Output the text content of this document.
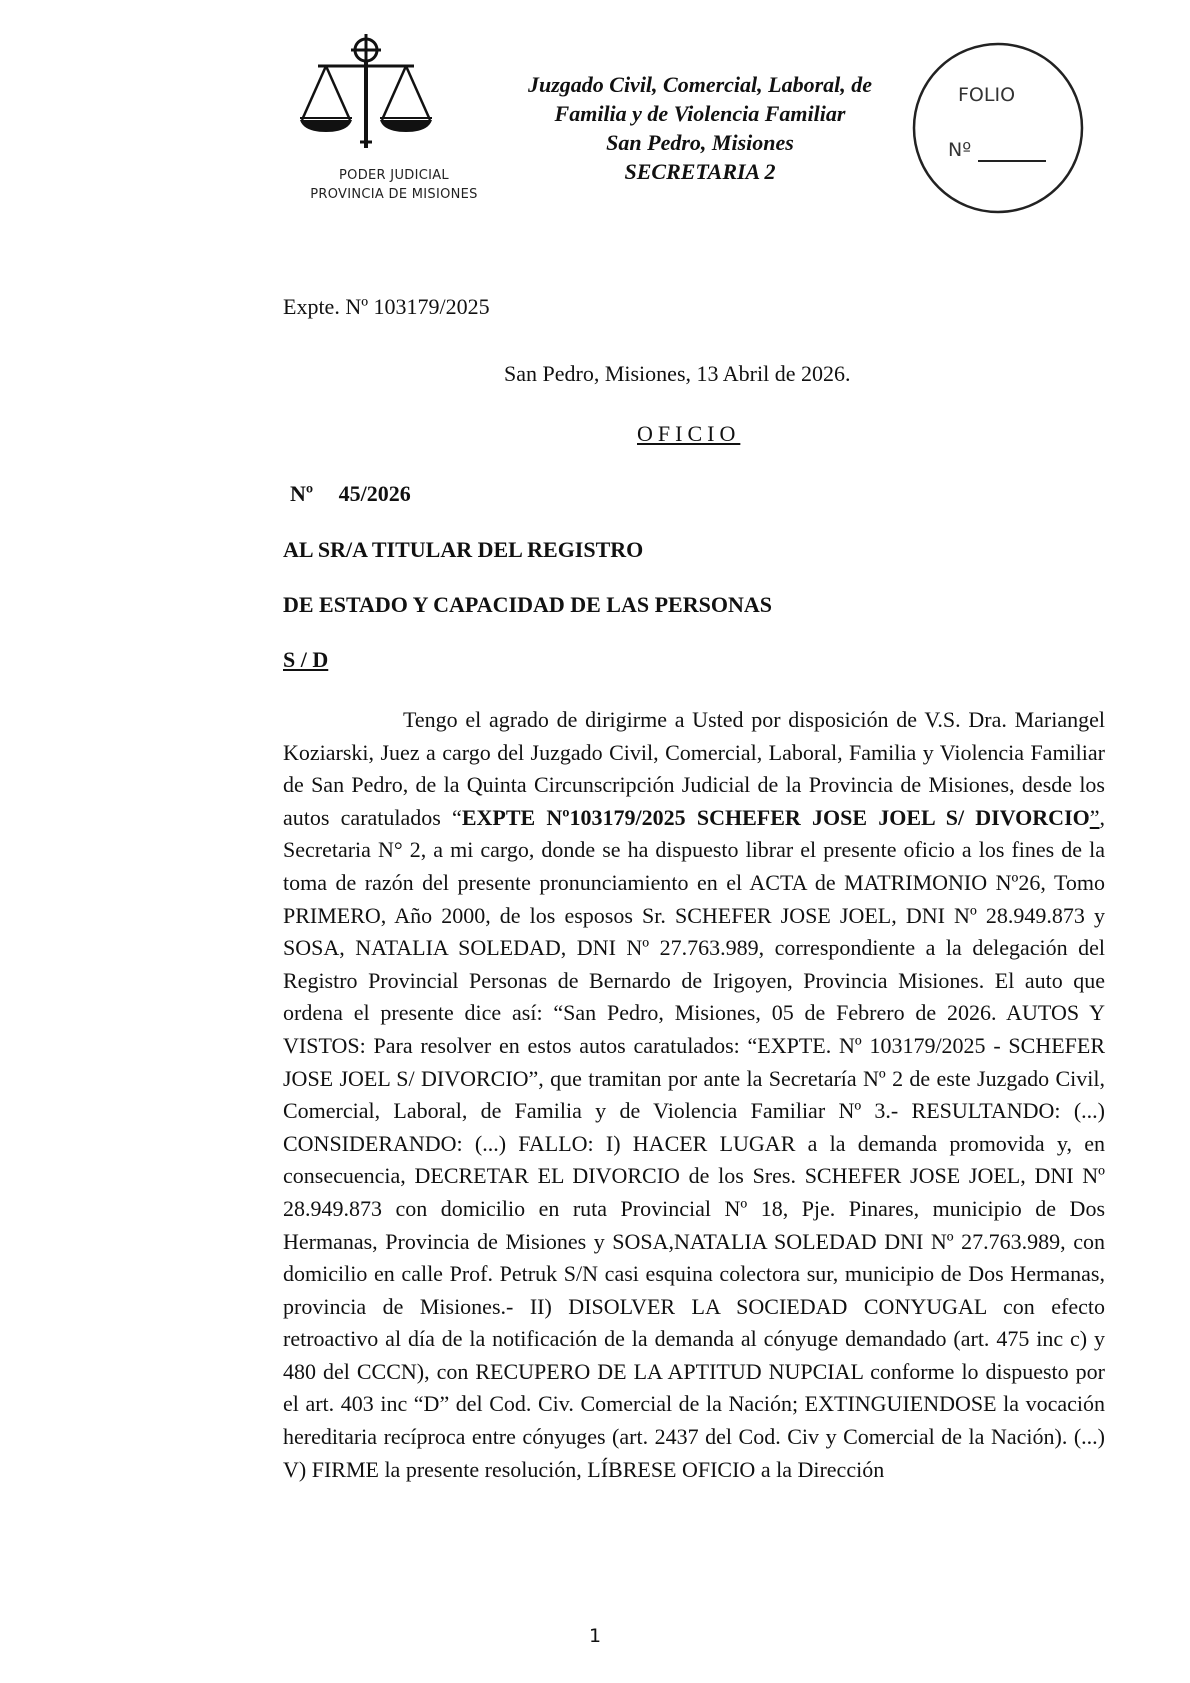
PODER JUDICIAL
PROVINCIA DE MISIONES
Juzgado Civil, Comercial, Laboral, de
Familia y de Violencia Familiar
San Pedro, Misiones
SECRETARIA 2
FOLIO
Nº
Expte. Nº 103179/2025
San Pedro, Misiones, 13 Abril de 2026.
OFICIO
Nº 45/2026
AL SR/A TITULAR DEL REGISTRO
DE ESTADO Y CAPACIDAD DE LAS PERSONAS
S / D

Tengo el agrado de dirigirme a Usted por disposición de V.S. Dra. Mariangel Koziarski, Juez a cargo del Juzgado Civil, Comercial, Laboral, Familia y Violencia Familiar de San Pedro, de la Quinta Circunscripción Judicial de la Provincia de Misiones, desde los autos caratulados “EXPTE Nº103179/2025 SCHEFER JOSE JOEL S/ DIVORCIO”, Secretaria N° 2, a mi cargo, donde se ha dispuesto librar el presente oficio a los fines de la toma de razón del presente pronunciamiento en el ACTA de MATRIMONIO Nº26, Tomo PRIMERO, Año 2000, de los esposos Sr. SCHEFER JOSE JOEL, DNI Nº 28.949.873 y SOSA, NATALIA SOLEDAD, DNI Nº 27.763.989, correspondiente a la delegación del Registro Provincial Personas de Bernardo de Irigoyen, Provincia Misiones. El auto que ordena el presente dice así: “San Pedro, Misiones, 05 de Febrero de 2026. AUTOS Y VISTOS: Para resolver en estos autos caratulados: “EXPTE. Nº 103179/2025 - SCHEFER JOSE JOEL S/ DIVORCIO”, que tramitan por ante la Secretaría Nº 2 de este Juzgado Civil, Comercial, Laboral, de Familia y de Violencia Familiar Nº 3.- RESULTANDO: (...) CONSIDERANDO: (...) FALLO: I) HACER LUGAR a la demanda promovida y, en consecuencia, DECRETAR EL DIVORCIO de los Sres. SCHEFER JOSE JOEL, DNI Nº 28.949.873 con domicilio en ruta Provincial Nº 18, Pje. Pinares, municipio de Dos Hermanas, Provincia de Misiones y SOSA,NATALIA SOLEDAD DNI Nº 27.763.989, con domicilio en calle Prof. Petruk S/N casi esquina colectora sur, municipio de Dos Hermanas, provincia de Misiones.- II) DISOLVER LA SOCIEDAD CONYUGAL con efecto retroactivo al día de la notificación de la demanda al cónyuge demandado (art. 475 inc c) y 480 del CCCN), con RECUPERO DE LA APTITUD NUPCIAL conforme lo dispuesto por el art. 403 inc “D” del Cod. Civ. Comercial de la Nación; EXTINGUIENDOSE la vocación hereditaria recíproca entre cónyuges (art. 2437 del Cod. Civ y Comercial de la Nación). (...) V) FIRME la presente resolución, LÍBRESE OFICIO a la Dirección

1
